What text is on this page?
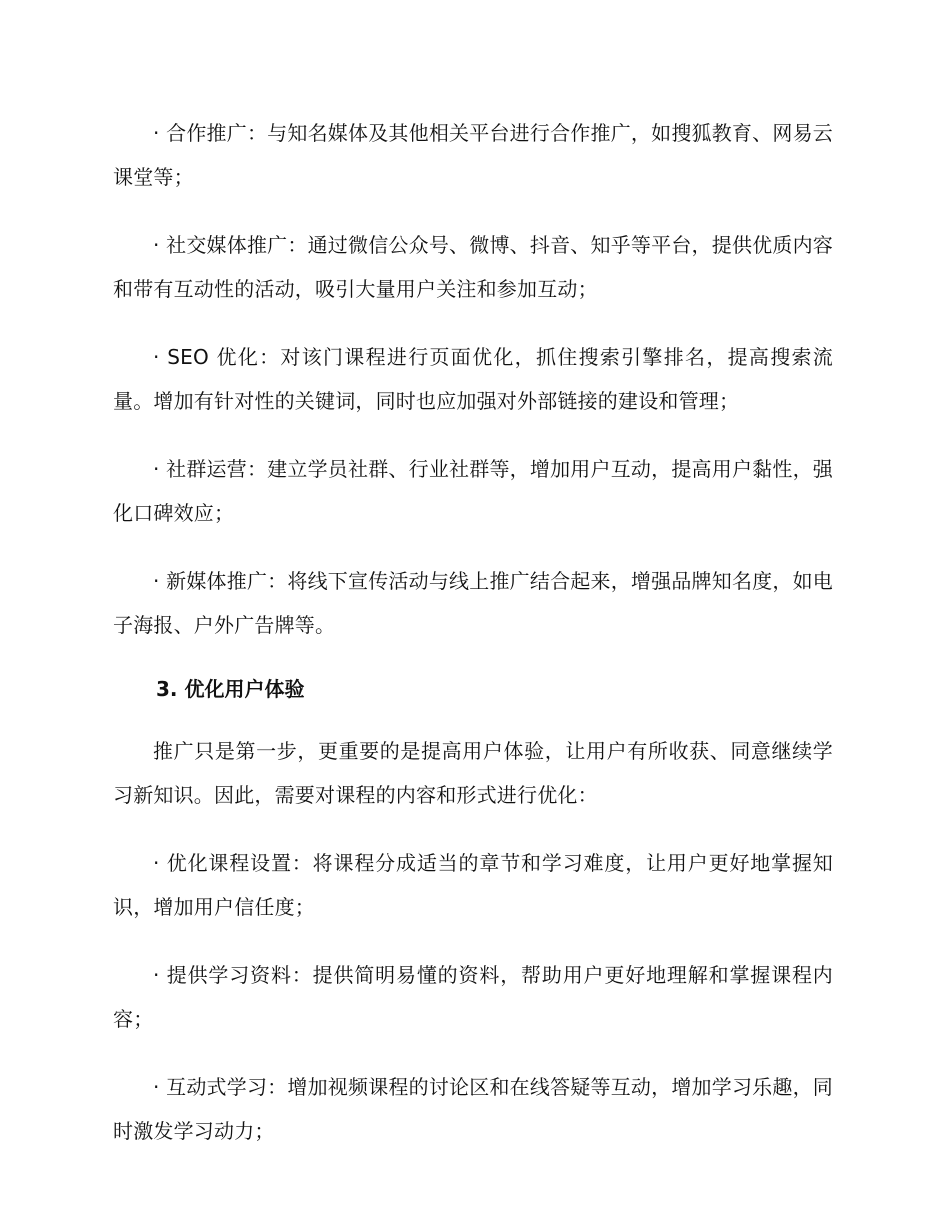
· 合作推广：与知名媒体及其他相关平台进行合作推广，如搜狐教育、网易云课堂等；

· 社交媒体推广：通过微信公众号、微博、抖音、知乎等平台，提供优质内容和带有互动性的活动，吸引大量用户关注和参加互动；

· SEO 优化：对该门课程进行页面优化，抓住搜索引擎排名，提高搜索流量。增加有针对性的关键词，同时也应加强对外部链接的建设和管理；

· 社群运营：建立学员社群、行业社群等，增加用户互动，提高用户黏性，强化口碑效应；

· 新媒体推广：将线下宣传活动与线上推广结合起来，增强品牌知名度，如电子海报、户外广告牌等。

3. 优化用户体验

推广只是第一步，更重要的是提高用户体验，让用户有所收获、同意继续学习新知识。因此，需要对课程的内容和形式进行优化：

· 优化课程设置：将课程分成适当的章节和学习难度，让用户更好地掌握知识，增加用户信任度；

· 提供学习资料：提供简明易懂的资料，帮助用户更好地理解和掌握课程内容；

· 互动式学习：增加视频课程的讨论区和在线答疑等互动，增加学习乐趣，同时激发学习动力；
